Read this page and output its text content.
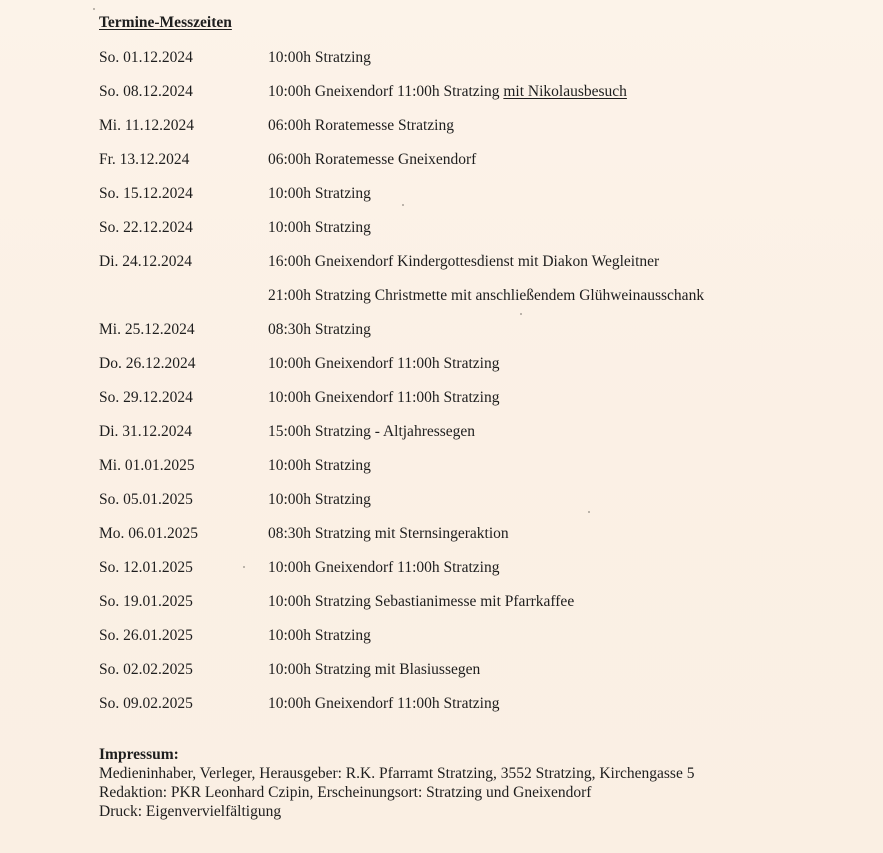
Termine-Messzeiten
So. 01.12.2024	10:00h Stratzing
So. 08.12.2024	10:00h Gneixendorf 11:00h Stratzing mit Nikolausbesuch
Mi. 11.12.2024	06:00h Roratemesse Stratzing
Fr. 13.12.2024	06:00h Roratemesse Gneixendorf
So. 15.12.2024	10:00h Stratzing
So. 22.12.2024	10:00h Stratzing
Di. 24.12.2024	16:00h Gneixendorf Kindergottesdienst mit Diakon Wegleitner
21:00h Stratzing Christmette mit anschließendem Glühweinausschank
Mi. 25.12.2024	08:30h Stratzing
Do. 26.12.2024	10:00h Gneixendorf 11:00h Stratzing
So. 29.12.2024	10:00h Gneixendorf 11:00h Stratzing
Di. 31.12.2024	15:00h Stratzing - Altjahressegen
Mi. 01.01.2025	10:00h Stratzing
So. 05.01.2025	10:00h Stratzing
Mo. 06.01.2025	08:30h Stratzing mit Sternsingeraktion
So. 12.01.2025	10:00h Gneixendorf 11:00h Stratzing
So. 19.01.2025	10:00h Stratzing Sebastianimesse mit Pfarrkaffee
So. 26.01.2025	10:00h Stratzing
So. 02.02.2025	10:00h Stratzing mit Blasiussegen
So. 09.02.2025	10:00h Gneixendorf 11:00h Stratzing
Impressum:
Medieninhaber, Verleger, Herausgeber: R.K. Pfarramt Stratzing, 3552 Stratzing, Kirchengasse 5
Redaktion: PKR Leonhard Czipin, Erscheinungsort: Stratzing und Gneixendorf
Druck: Eigenvervielfältigung
